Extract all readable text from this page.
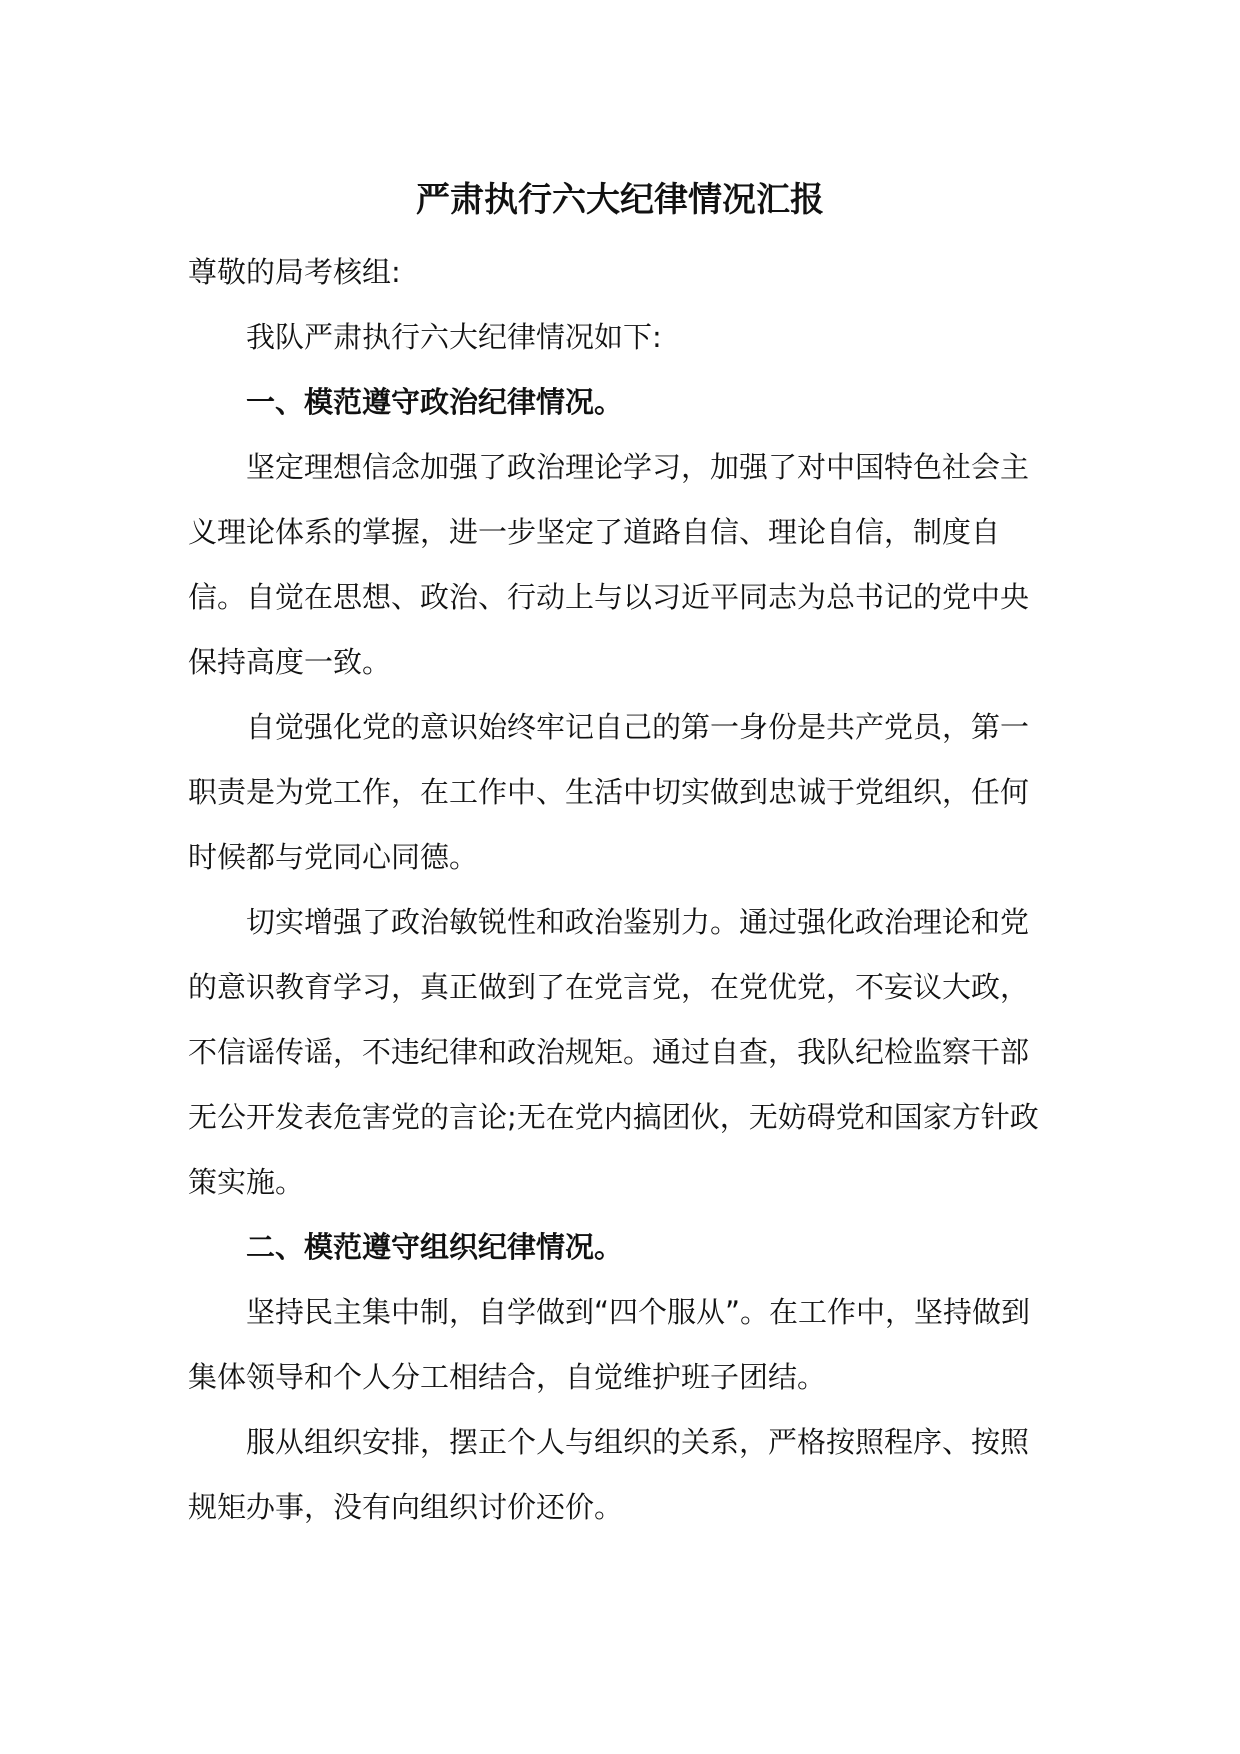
严肃执行六大纪律情况汇报

尊敬的局考核组:

我队严肃执行六大纪律情况如下:

一、模范遵守政治纪律情况。

坚定理想信念加强了政治理论学习，加强了对中国特色社会主义理论体系的掌握，进一步坚定了道路自信、理论自信，制度自信。自觉在思想、政治、行动上与以习近平同志为总书记的党中央保持高度一致。

自觉强化党的意识始终牢记自己的第一身份是共产党员，第一职责是为党工作，在工作中、生活中切实做到忠诚于党组织，任何时候都与党同心同德。

切实增强了政治敏锐性和政治鉴别力。通过强化政治理论和党的意识教育学习，真正做到了在党言党，在党优党，不妄议大政，不信谣传谣，不违纪律和政治规矩。通过自查，我队纪检监察干部无公开发表危害党的言论;无在党内搞团伙，无妨碍党和国家方针政策实施。

二、模范遵守组织纪律情况。

坚持民主集中制，自学做到“四个服从”。在工作中，坚持做到集体领导和个人分工相结合，自觉维护班子团结。

服从组织安排，摆正个人与组织的关系，严格按照程序、按照规矩办事，没有向组织讨价还价。
